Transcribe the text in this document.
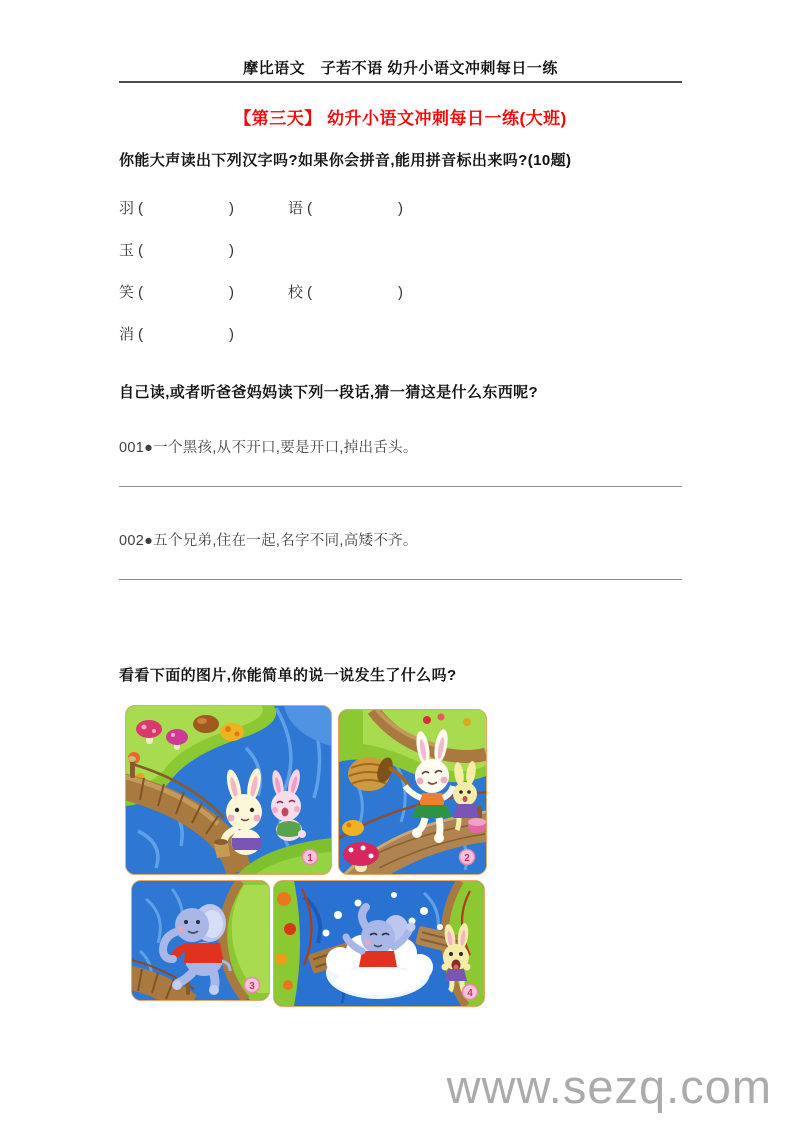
摩比语文　子若不语 幼升小语文冲刺每日一练
【第三天】 幼升小语文冲刺每日一练(大班)
你能大声读出下列汉字吗?如果你会拼音,能用拼音标出来吗?(10题)
羽 (	)	语 (	)
玉 (	)
笑 (	)	校 (	)
消 (	)
自己读,或者听爸爸妈妈读下列一段话,猜一猜这是什么东西呢?
001●一个黑孩,从不开口,要是开口,掉出舌头。
002●五个兄弟,住在一起,名字不同,高矮不齐。
看看下面的图片,你能简单的说一说发生了什么吗?
1	2
3
4
www.sezq.com
